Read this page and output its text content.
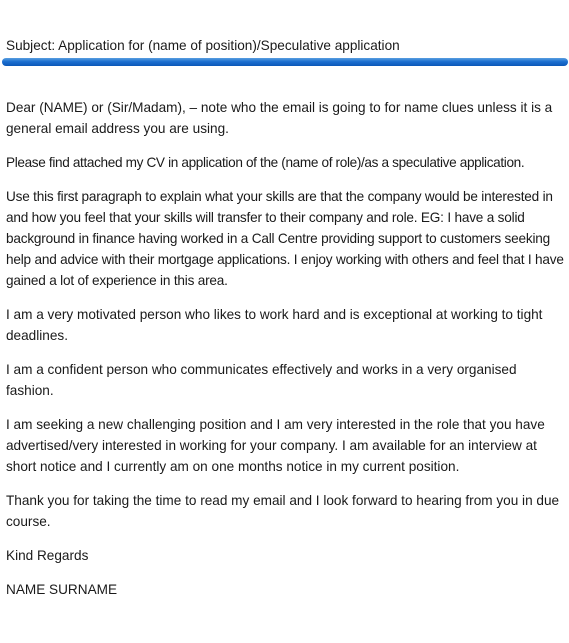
Subject: Application for (name of position)/Speculative application

Dear (NAME) or (Sir/Madam), – note who the email is going to for name clues unless it is a general email address you are using.

Please find attached my CV in application of the (name of role)/as a speculative application.

Use this first paragraph to explain what your skills are that the company would be interested in and how you feel that your skills will transfer to their company and role. EG: I have a solid background in finance having worked in a Call Centre providing support to customers seeking help and advice with their mortgage applications. I enjoy working with others and feel that I have gained a lot of experience in this area.

I am a very motivated person who likes to work hard and is exceptional at working to tight deadlines.

I am a confident person who communicates effectively and works in a very organised fashion.

I am seeking a new challenging position and I am very interested in the role that you have advertised/very interested in working for your company. I am available for an interview at short notice and I currently am on one months notice in my current position.

Thank you for taking the time to read my email and I look forward to hearing from you in due course.

Kind Regards

NAME SURNAME
